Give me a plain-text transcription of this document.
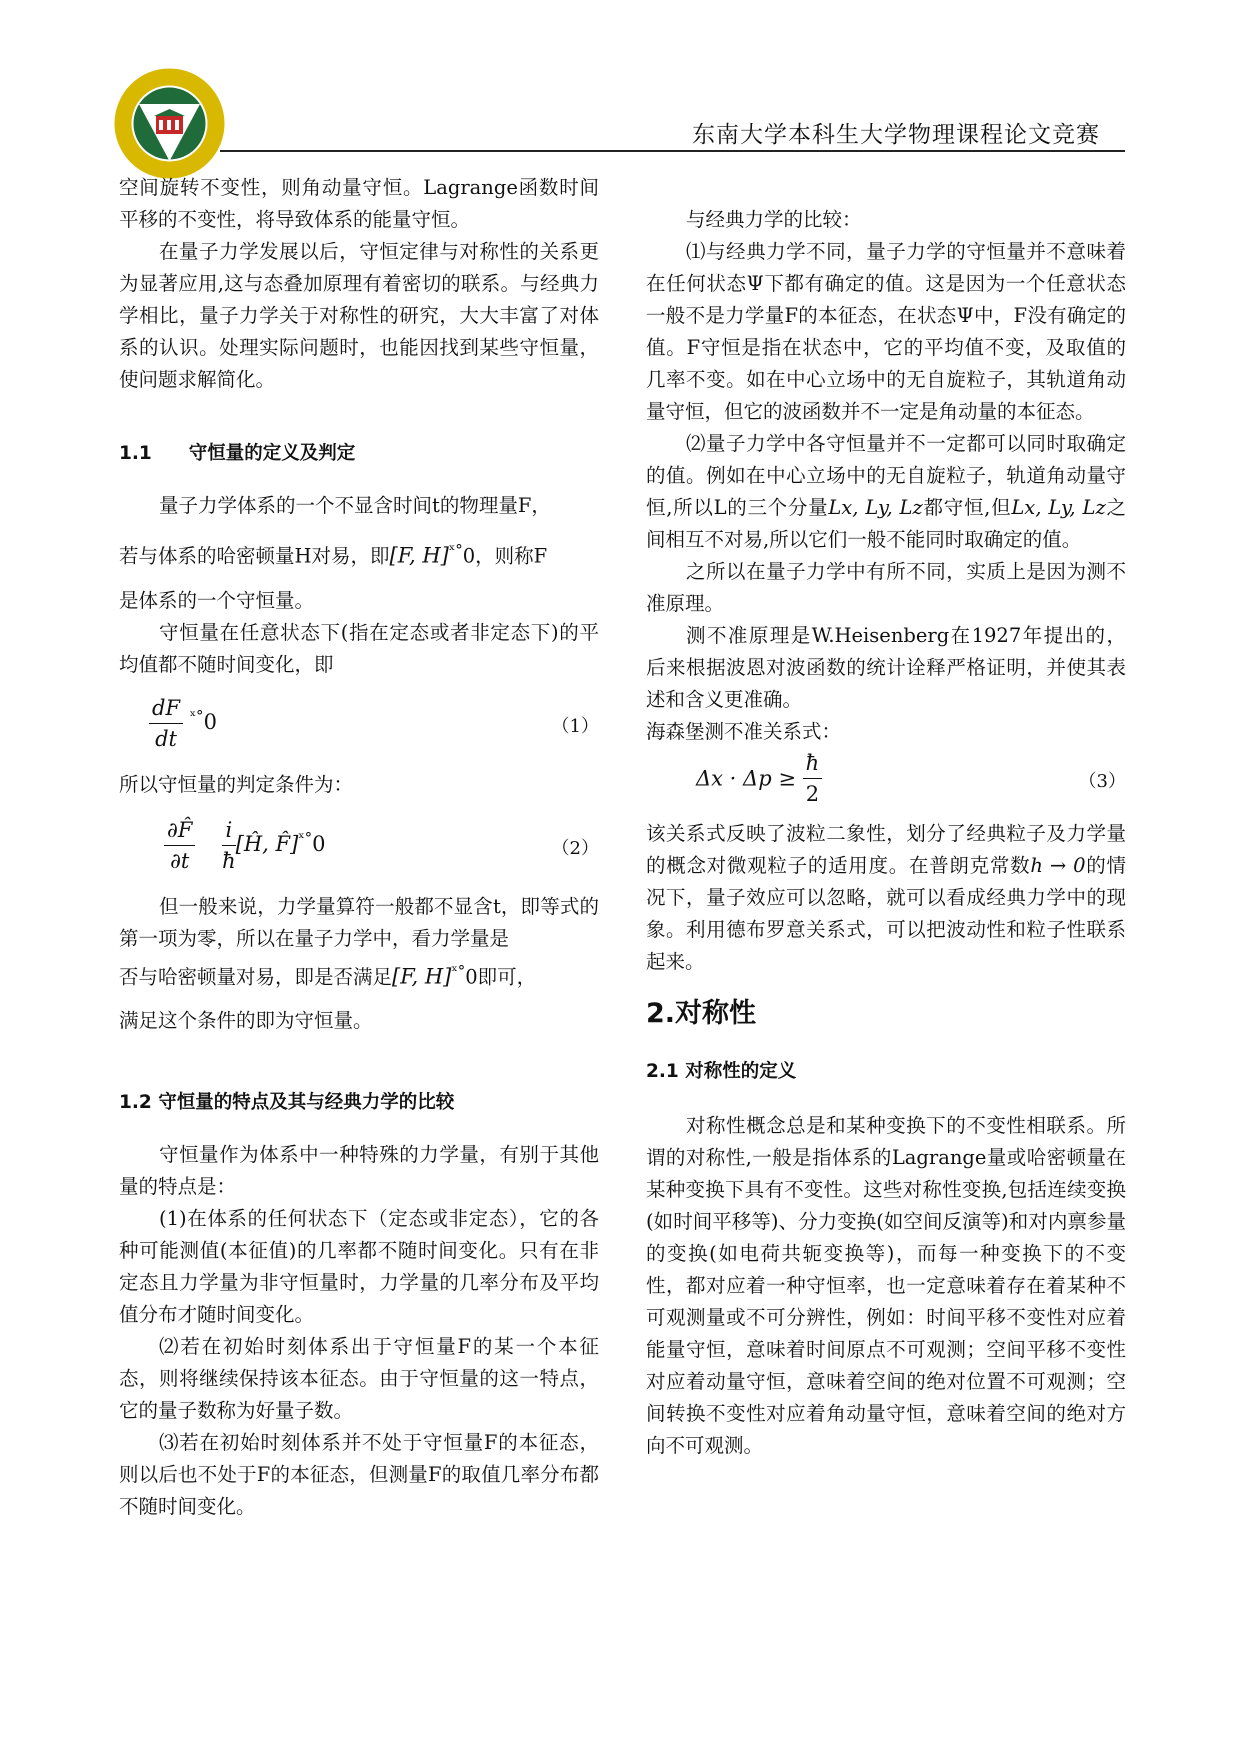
东南大学本科生大学物理课程论文竞赛

空间旋转不变性，则角动量守恒。Lagrange函数时间平移的不变性，将导致体系的能量守恒。

在量子力学发展以后，守恒定律与对称性的关系更为显著应用,这与态叠加原理有着密切的联系。与经典力学相比，量子力学关于对称性的研究，大大丰富了对体系的认识。处理实际问题时，也能因找到某些守恒量，使问题求解简化。

1.1　　守恒量的定义及判定

量子力学体系的一个不显含时间t的物理量F，

若与体系的哈密顿量H对易，即[F, H]$^{ˣ^\circ}$0，则称F

是体系的一个守恒量。

守恒量在任意状态下(指在定态或者非定态下)的平均值都不随时间变化，即

$\frac{dF}{dt} ^{ˣ^\circ}0$	（1）

所以守恒量的判定条件为：

$\frac{\partial F̂}{\partial t}$
$\frac{i}{ħ}$ [Ĥ, F̂]$^{ˣ^\circ}$0	（2）

但一般来说，力学量算符一般都不显含t，即等式的第一项为零，所以在量子力学中，看力学量是

否与哈密顿量对易，即是否满足[F, H]$^{ˣ^\circ}$0即可，

满足这个条件的即为守恒量。

1.2 守恒量的特点及其与经典力学的比较

守恒量作为体系中一种特殊的力学量，有别于其他量的特点是：

(1)在体系的任何状态下（定态或非定态），它的各种可能测值(本征值)的几率都不随时间变化。只有在非定态且力学量为非守恒量时，力学量的几率分布及平均值分布才随时间变化。

⑵若在初始时刻体系出于守恒量F的某一个本征态，则将继续保持该本征态。由于守恒量的这一特点，它的量子数称为好量子数。

⑶若在初始时刻体系并不处于守恒量F的本征态，则以后也不处于F的本征态，但测量F的取值几率分布都不随时间变化。

与经典力学的比较：

⑴与经典力学不同，量子力学的守恒量并不意味着在任何状态Ψ下都有确定的值。这是因为一个任意状态一般不是力学量F的本征态，在状态Ψ中，F没有确定的值。F守恒是指在状态中，它的平均值不变，及取值的几率不变。如在中心立场中的无自旋粒子，其轨道角动量守恒，但它的波函数并不一定是角动量的本征态。

⑵量子力学中各守恒量并不一定都可以同时取确定的值。例如在中心立场中的无自旋粒子，轨道角动量守恒,所以L的三个分量Lx, Ly, Lz都守恒,但Lx, Ly, Lz之间相互不对易,所以它们一般不能同时取确定的值。

之所以在量子力学中有所不同，实质上是因为测不准原理。

测不准原理是W.Heisenberg在1927年提出的，后来根据波恩对波函数的统计诠释严格证明，并使其表述和含义更准确。

海森堡测不准关系式：

$\Delta x \cdot \Delta p \ge \frac{ħ}{2}$	（3）

该关系式反映了波粒二象性，划分了经典粒子及力学量的概念对微观粒子的适用度。在普朗克常数h → 0的情况下，量子效应可以忽略，就可以看成经典力学中的现象。利用德布罗意关系式，可以把波动性和粒子性联系起来。

2.对称性

2.1 对称性的定义

对称性概念总是和某种变换下的不变性相联系。所谓的对称性,一般是指体系的Lagrange量或哈密顿量在某种变换下具有不变性。这些对称性变换,包括连续变换(如时间平移等)、分力变换(如空间反演等)和对内禀参量的变换(如电荷共轭变换等)，而每一种变换下的不变性，都对应着一种守恒率，也一定意味着存在着某种不可观测量或不可分辨性，例如：时间平移不变性对应着能量守恒，意味着时间原点不可观测；空间平移不变性对应着动量守恒，意味着空间的绝对位置不可观测；空间转换不变性对应着角动量守恒，意味着空间的绝对方向不可观测。
